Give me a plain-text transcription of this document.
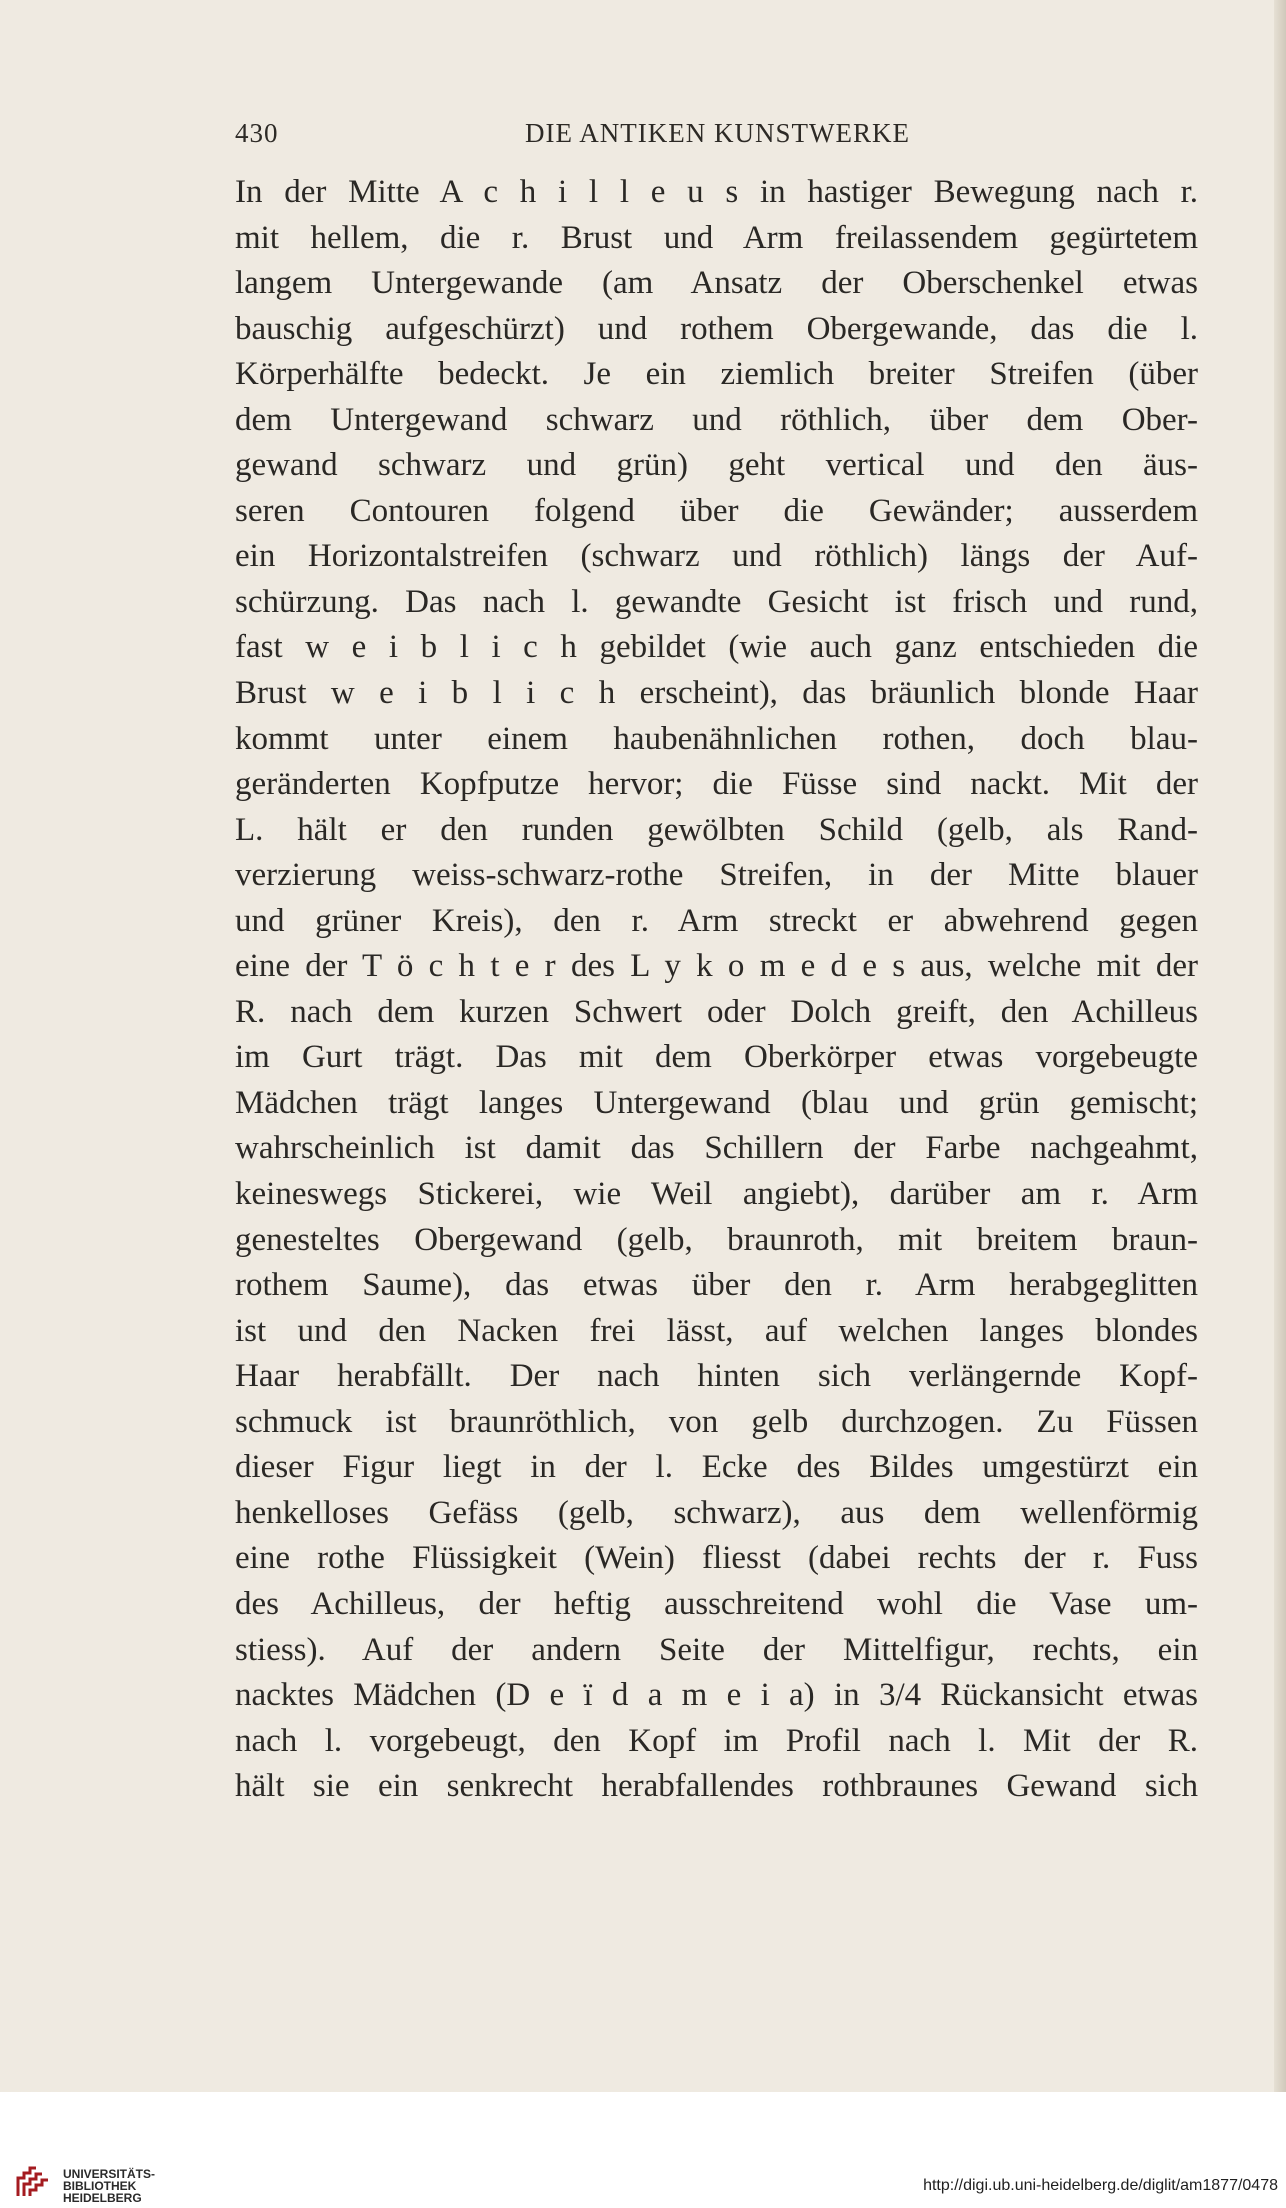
430	DIE ANTIKEN KUNSTWERKE
In der Mitte A c h i l l e u s in hastiger Bewegung nach r.
mit hellem, die r. Brust und Arm freilassendem gegürtetem
langem Untergewande (am Ansatz der Oberschenkel etwas
bauschig aufgeschürzt) und rothem Obergewande, das die l.
Körperhälfte bedeckt. Je ein ziemlich breiter Streifen (über
dem Untergewand schwarz und röthlich, über dem Ober-
gewand schwarz und grün) geht vertical und den äus-
seren Contouren folgend über die Gewänder; ausserdem
ein Horizontalstreifen (schwarz und röthlich) längs der Auf-
schürzung. Das nach l. gewandte Gesicht ist frisch und rund,
fast w e i b l i c h gebildet (wie auch ganz entschieden die
Brust w e i b l i c h erscheint), das bräunlich blonde Haar
kommt unter einem haubenähnlichen rothen, doch blau-
geränderten Kopfputze hervor; die Füsse sind nackt. Mit der
L. hält er den runden gewölbten Schild (gelb, als Rand-
verzierung weiss-schwarz-rothe Streifen, in der Mitte blauer
und grüner Kreis), den r. Arm streckt er abwehrend gegen
eine der T ö c h t e r des L y k o m e d e s aus, welche mit der
R. nach dem kurzen Schwert oder Dolch greift, den Achilleus
im Gurt trägt. Das mit dem Oberkörper etwas vorgebeugte
Mädchen trägt langes Untergewand (blau und grün gemischt;
wahrscheinlich ist damit das Schillern der Farbe nachgeahmt,
keineswegs Stickerei, wie Weil angiebt), darüber am r. Arm
genesteltes Obergewand (gelb, braunroth, mit breitem braun-
rothem Saume), das etwas über den r. Arm herabgeglitten
ist und den Nacken frei lässt, auf welchen langes blondes
Haar herabfällt. Der nach hinten sich verlängernde Kopf-
schmuck ist braunröthlich, von gelb durchzogen. Zu Füssen
dieser Figur liegt in der l. Ecke des Bildes umgestürzt ein
henkelloses Gefäss (gelb, schwarz), aus dem wellenförmig
eine rothe Flüssigkeit (Wein) fliesst (dabei rechts der r. Fuss
des Achilleus, der heftig ausschreitend wohl die Vase um-
stiess). Auf der andern Seite der Mittelfigur, rechts, ein
nacktes Mädchen (D e ï d a m e i a) in 3/4 Rückansicht etwas
nach l. vorgebeugt, den Kopf im Profil nach l. Mit der R.
hält sie ein senkrecht herabfallendes rothbraunes Gewand sich
UNIVERSITÄTS-
BIBLIOTHEK
HEIDELBERG
http://digi.ub.uni-heidelberg.de/diglit/am1877/0478
